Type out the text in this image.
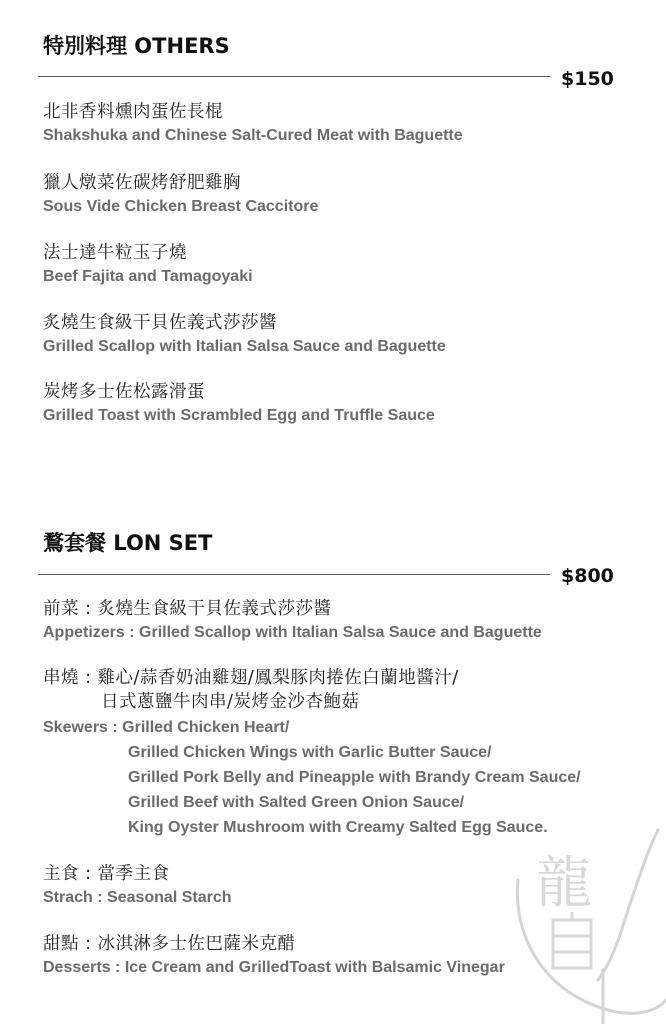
特別料理 OTHERS
$150
北非香料燻肉蛋佐長棍
Shakshuka and Chinese Salt-Cured Meat with Baguette
獵人燉菜佐碳烤舒肥雞胸
Sous Vide Chicken Breast Caccitore
法士達牛粒玉子燒
Beef Fajita and Tamagoyaki
炙燒生食級干貝佐義式莎莎醬
Grilled Scallop with Italian Salsa Sauce and Baguette
炭烤多士佐松露滑蛋
Grilled Toast with Scrambled Egg and Truffle Sauce
鶩套餐 LON SET
$800
前菜 : 炙燒生食級干貝佐義式莎莎醬
Appetizers : Grilled Scallop with Italian Salsa Sauce and Baguette
串燒 : 雞心/蒜香奶油雞翅/鳳梨豚肉捲佐白蘭地醬汁/
日式蔥鹽牛肉串/炭烤金沙杏鮑菇
Skewers : Grilled Chicken Heart/
Grilled Chicken Wings with Garlic Butter Sauce/
Grilled Pork Belly and Pineapple with Brandy Cream Sauce/
Grilled Beef with Salted Green Onion Sauce/
King Oyster Mushroom with Creamy Salted Egg Sauce.
主食 : 當季主食
Strach : Seasonal Starch
甜點 : 冰淇淋多士佐巴薩米克醋
Desserts : Ice Cream and GrilledToast with Balsamic Vinegar
龍
